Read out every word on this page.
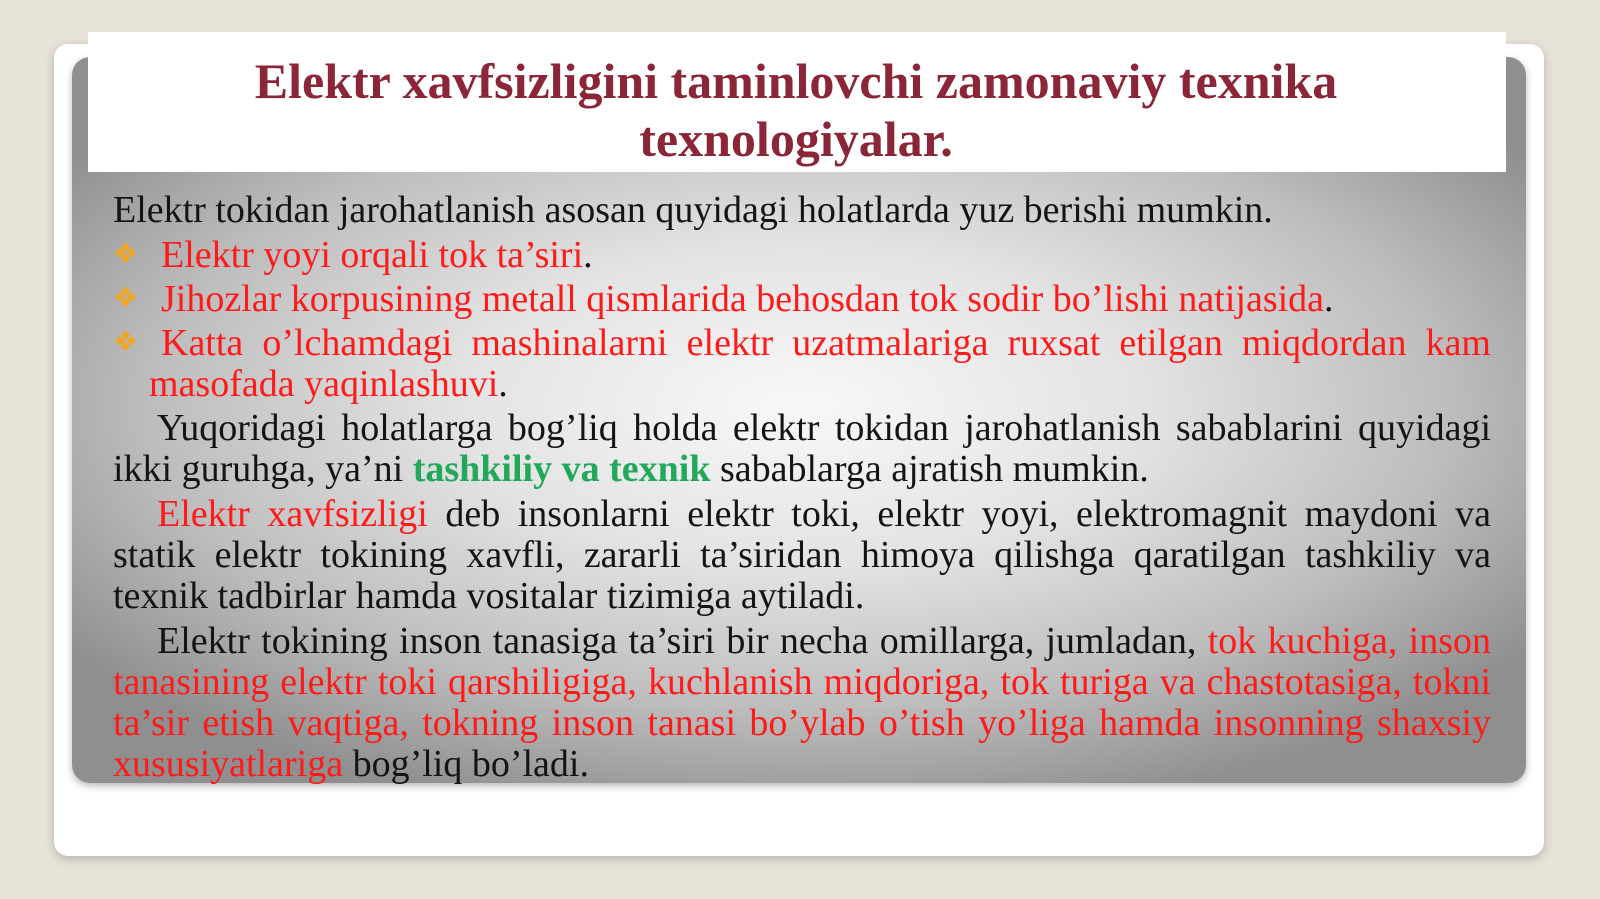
Elektr xavfsizligini taminlovchi zamonaviy texnika texnologiyalar.

Elektr tokidan jarohatlanish asosan quyidagi holatlarda yuz berishi mumkin.

❖ Elektr yoyi orqali tok ta’siri.

❖ Jihozlar korpusining metall qismlarida behosdan tok sodir bo’lishi natijasida.

❖ Katta o’lchamdagi mashinalarni elektr uzatmalariga ruxsat etilgan miqdordan kam masofada yaqinlashuvi.

Yuqoridagi holatlarga bog’liq holda elektr tokidan jarohatlanish sabablarini quyidagi ikki guruhga, ya’ni tashkiliy va texnik sabablarga ajratish mumkin.

Elektr xavfsizligi deb insonlarni elektr toki, elektr yoyi, elektromagnit maydoni va statik elektr tokining xavfli, zararli ta’siridan himoya qilishga qaratilgan tashkiliy va texnik tadbirlar hamda vositalar tizimiga aytiladi.

Elektr tokining inson tanasiga ta’siri bir necha omillarga, jumladan, tok kuchiga, inson tanasining elektr toki qarshiligiga, kuchlanish miqdoriga, tok turiga va chastotasiga, tokni ta’sir etish vaqtiga, tokning inson tanasi bo’ylab o’tish yo’liga hamda insonning shaxsiy xususiyatlariga bog’liq bo’ladi.
